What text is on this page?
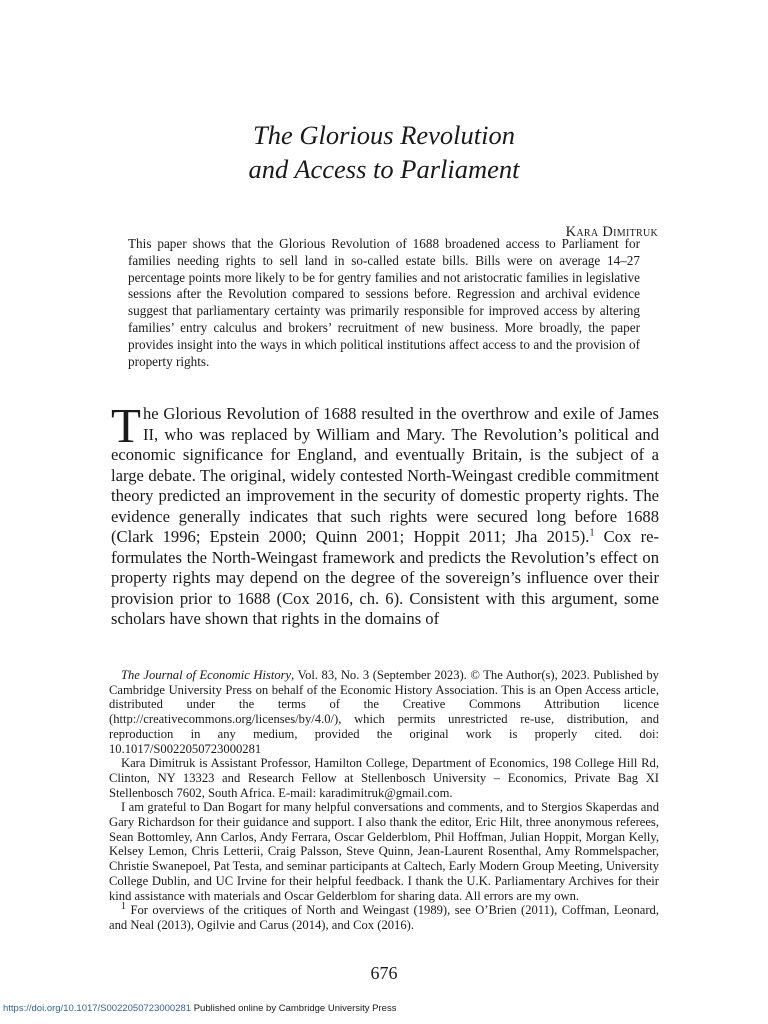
The Glorious Revolution
and Access to Parliament
Kara Dimitruk

This paper shows that the Glorious Revolution of 1688 broadened access to Parliament for families needing rights to sell land in so-called estate bills. Bills were on average 14–27 percentage points more likely to be for gentry families and not aristocratic families in legislative sessions after the Revolution compared to sessions before. Regression and archival evidence suggest that parliamentary certainty was primarily responsible for improved access by altering families’ entry calculus and brokers’ recruitment of new business. More broadly, the paper provides insight into the ways in which political institutions affect access to and the provision of property rights.

The Glorious Revolution of 1688 resulted in the overthrow and exile of James II, who was replaced by William and Mary. The Revolution’s political and economic significance for England, and eventually Britain, is the subject of a large debate. The original, widely contested North-Weingast credible commitment theory predicted an improvement in the security of domestic property rights. The evidence generally indicates that such rights were secured long before 1688 (Clark 1996; Epstein 2000; Quinn 2001; Hoppit 2011; Jha 2015).$^1$ Cox re-formulates the North-Weingast framework and predicts the Revolution’s effect on property rights may depend on the degree of the sovereign’s influence over their provision prior to 1688 (Cox 2016, ch. 6). Consistent with this argument, some scholars have shown that rights in the domains of

The Journal of Economic History, Vol. 83, No. 3 (September 2023). © The Author(s), 2023. Published by Cambridge University Press on behalf of the Economic History Association. This is an Open Access article, distributed under the terms of the Creative Commons Attribution licence (http://creativecommons.org/licenses/by/4.0/), which permits unrestricted re-use, distribution, and reproduction in any medium, provided the original work is properly cited. doi: 10.1017/S0022050723000281

Kara Dimitruk is Assistant Professor, Hamilton College, Department of Economics, 198 College Hill Rd, Clinton, NY 13323 and Research Fellow at Stellenbosch University – Economics, Private Bag XI Stellenbosch 7602, South Africa. E-mail: karadimitruk@gmail.com.

I am grateful to Dan Bogart for many helpful conversations and comments, and to Stergios Skaperdas and Gary Richardson for their guidance and support. I also thank the editor, Eric Hilt, three anonymous referees, Sean Bottomley, Ann Carlos, Andy Ferrara, Oscar Gelderblom, Phil Hoffman, Julian Hoppit, Morgan Kelly, Kelsey Lemon, Chris Letterii, Craig Palsson, Steve Quinn, Jean-Laurent Rosenthal, Amy Rommelspacher, Christie Swanepoel, Pat Testa, and seminar participants at Caltech, Early Modern Group Meeting, University College Dublin, and UC Irvine for their helpful feedback. I thank the U.K. Parliamentary Archives for their kind assistance with materials and Oscar Gelderblom for sharing data. All errors are my own.

$^1$ For overviews of the critiques of North and Weingast (1989), see O’Brien (2011), Coffman, Leonard, and Neal (2013), Ogilvie and Carus (2014), and Cox (2016).

676
https://doi.org/10.1017/S0022050723000281 Published online by Cambridge University Press
